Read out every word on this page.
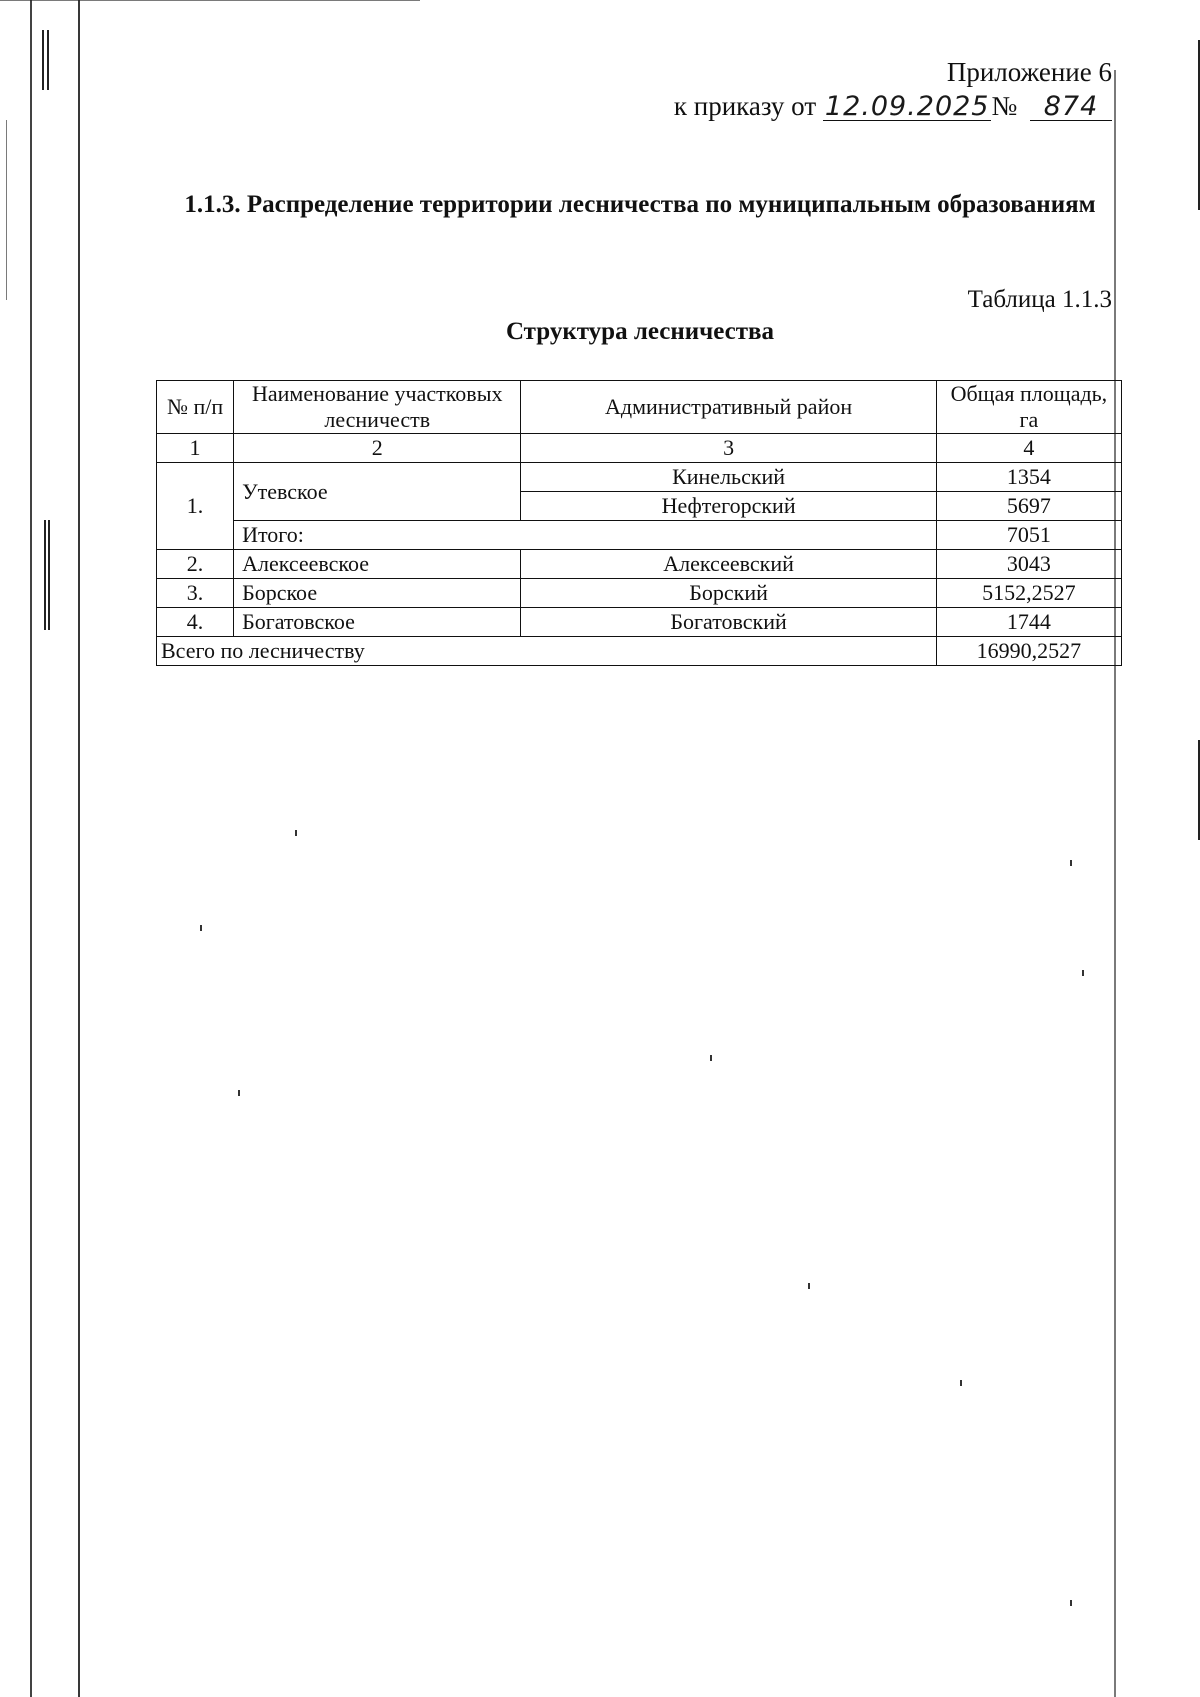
Приложение 6
к приказу от 12.09.2025№ 874
1.1.3. Распределение территории лесничества по муниципальным образованиям
Таблица 1.1.3
Структура лесничества
№ п/п	Наименование участковых лесничеств	Административный район	Общая площадь, га
1	2	3	4
1.	Утевское	Кинельский	1354
		Нефтегорский	5697
	Итого:		7051
2.	Алексеевское	Алексеевский	3043
3.	Борское	Борский	5152,2527
4.	Богатовское	Богатовский	1744
Всего по лесничеству			16990,2527
